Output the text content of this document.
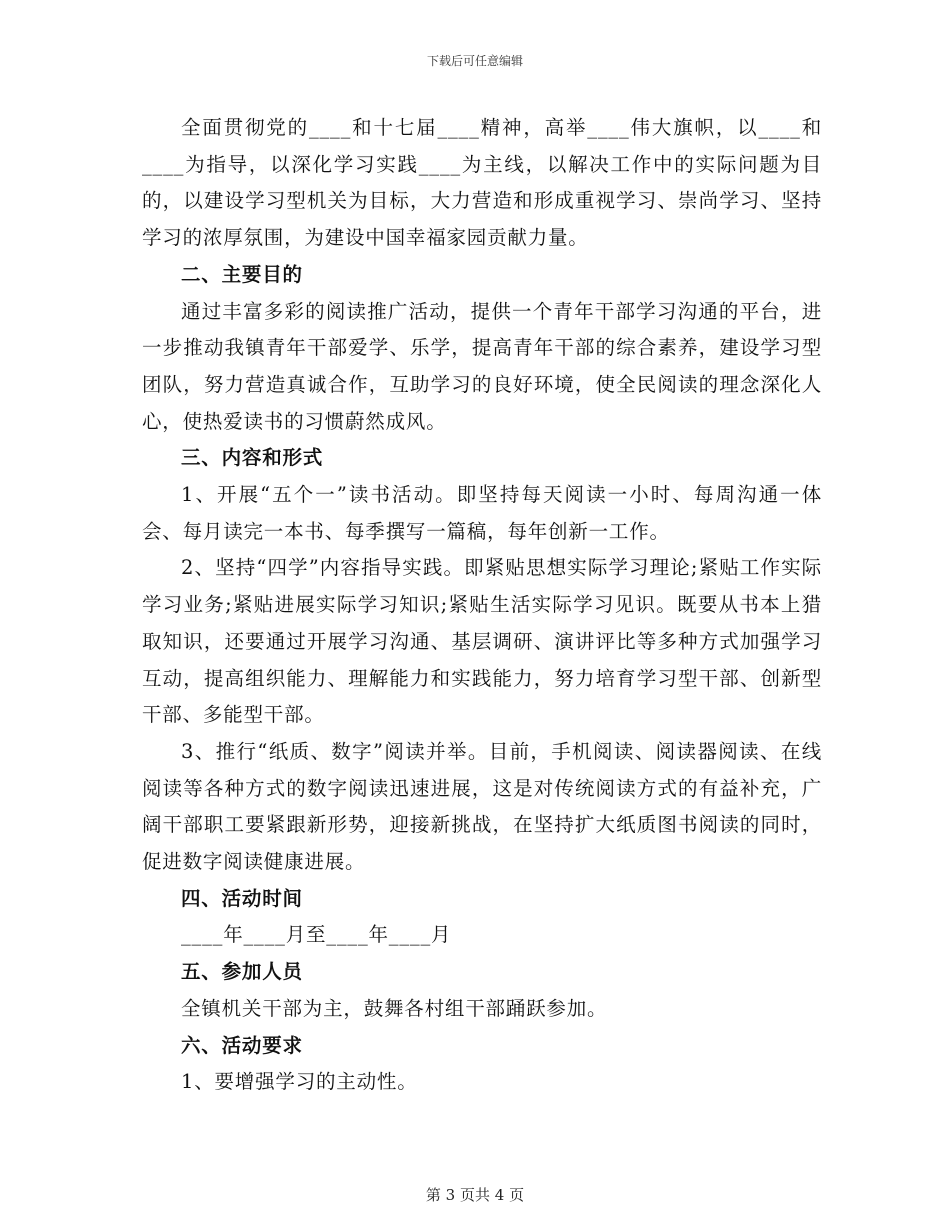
下载后可任意编辑

全面贯彻党的____和十七届____精神，高举____伟大旗帜，以____和____为指导，以深化学习实践____为主线，以解决工作中的实际问题为目的，以建设学习型机关为目标，大力营造和形成重视学习、崇尚学习、坚持学习的浓厚氛围，为建设中国幸福家园贡献力量。

二、主要目的

通过丰富多彩的阅读推广活动，提供一个青年干部学习沟通的平台，进一步推动我镇青年干部爱学、乐学，提高青年干部的综合素养，建设学习型团队，努力营造真诚合作，互助学习的良好环境，使全民阅读的理念深化人心，使热爱读书的习惯蔚然成风。

三、内容和形式

1、开展“五个一”读书活动。即坚持每天阅读一小时、每周沟通一体会、每月读完一本书、每季撰写一篇稿，每年创新一工作。

2、坚持“四学”内容指导实践。即紧贴思想实际学习理论;紧贴工作实际学习业务;紧贴进展实际学习知识;紧贴生活实际学习见识。既要从书本上猎取知识，还要通过开展学习沟通、基层调研、演讲评比等多种方式加强学习互动，提高组织能力、理解能力和实践能力，努力培育学习型干部、创新型干部、多能型干部。

3、推行“纸质、数字”阅读并举。目前，手机阅读、阅读器阅读、在线阅读等各种方式的数字阅读迅速进展，这是对传统阅读方式的有益补充，广阔干部职工要紧跟新形势，迎接新挑战，在坚持扩大纸质图书阅读的同时，促进数字阅读健康进展。

四、活动时间

____年____月至____年____月

五、参加人员

全镇机关干部为主，鼓舞各村组干部踊跃参加。

六、活动要求

1、要增强学习的主动性。

第 3 页共 4 页
